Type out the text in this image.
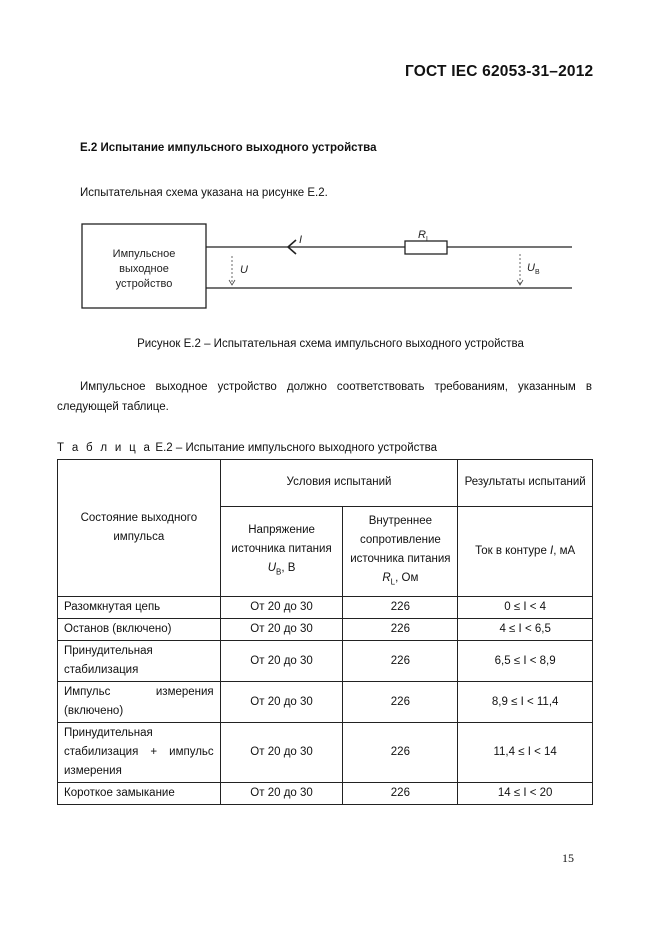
ГОСТ IEC 62053-31–2012
Е.2 Испытание импульсного выходного устройства
Испытательная схема указана на рисунке Е.2.
Импульсное
выходное
устройство
I	R L
U	U B
Рисунок Е.2 – Испытательная схема импульсного выходного устройства
Импульсное выходное устройство должно соответствовать требованиям, указанным в следующей таблице.
Т а б л и ц а Е.2 – Испытание импульсного выходного устройства
Состояние выходного импульса	Условия испытаний		Результаты испытаний
	Напряжение источника питания $U_B$, В	Внутреннее сопротивление источника питания $R_L$, Ом	Ток в контуре I, мА
Разомкнутая цепь	От 20 до 30	226	0 ≤ I < 4
Останов (включено)	От 20 до 30	226	4 ≤ I < 6,5
Принудительная стабилизация	От 20 до 30	226	6,5 ≤ I < 8,9
Импульс измерения (включено)	От 20 до 30	226	8,9 ≤ I < 11,4
Принудительная стабилизация + импульс измерения	От 20 до 30	226	11,4 ≤ I < 14
Короткое замыкание	От 20 до 30	226	14 ≤ I < 20
15
